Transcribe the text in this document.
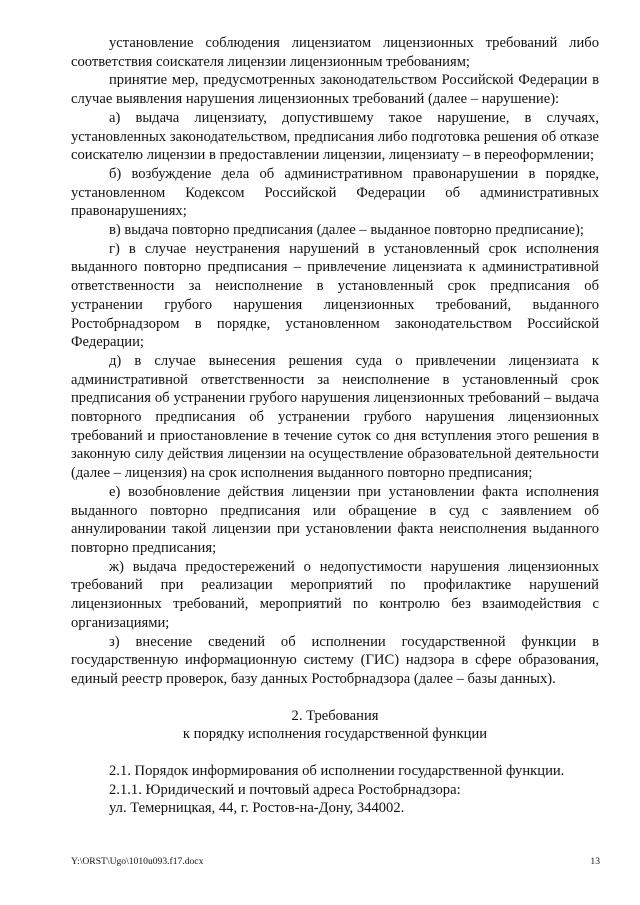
установление соблюдения лицензиатом лицензионных требований либо соответствия соискателя лицензии лицензионным требованиям;

принятие мер, предусмотренных законодательством Российской Федерации в случае выявления нарушения лицензионных требований (далее – нарушение):

а) выдача лицензиату, допустившему такое нарушение, в случаях, установленных законодательством, предписания либо подготовка решения об отказе соискателю лицензии в предоставлении лицензии, лицензиату – в переоформлении;

б) возбуждение дела об административном правонарушении в порядке, установленном Кодексом Российской Федерации об административных правонарушениях;

в) выдача повторно предписания (далее – выданное повторно предписание);

г) в случае неустранения нарушений в установленный срок исполнения выданного повторно предписания – привлечение лицензиата к административной ответственности за неисполнение в установленный срок предписания об устранении грубого нарушения лицензионных требований, выданного Ростобрнадзором в порядке, установленном законодательством Российской Федерации;

д) в случае вынесения решения суда о привлечении лицензиата к административной ответственности за неисполнение в установленный срок предписания об устранении грубого нарушения лицензионных требований – выдача повторного предписания об устранении грубого нарушения лицензионных требований и приостановление в течение суток со дня вступления этого решения в законную силу действия лицензии на осуществление образовательной деятельности (далее – лицензия) на срок исполнения выданного повторно предписания;

е) возобновление действия лицензии при установлении факта исполнения выданного повторно предписания или обращение в суд с заявлением об аннулировании такой лицензии при установлении факта неисполнения выданного повторно предписания;

ж) выдача предостережений о недопустимости нарушения лицензионных требований при реализации мероприятий по профилактике нарушений лицензионных требований, мероприятий по контролю без взаимодействия с организациями;

з) внесение сведений об исполнении государственной функции в государственную информационную систему (ГИС) надзора в сфере образования, единый реестр проверок, базу данных Ростобрнадзора (далее – базы данных).

2. Требования

к порядку исполнения государственной функции

2.1. Порядок информирования об исполнении государственной функции.

2.1.1. Юридический и почтовый адреса Ростобрнадзора:

ул. Темерницкая, 44, г. Ростов-на-Дону, 344002.

Y:\ORST\Ugo\1010u093.f17.docx	13
